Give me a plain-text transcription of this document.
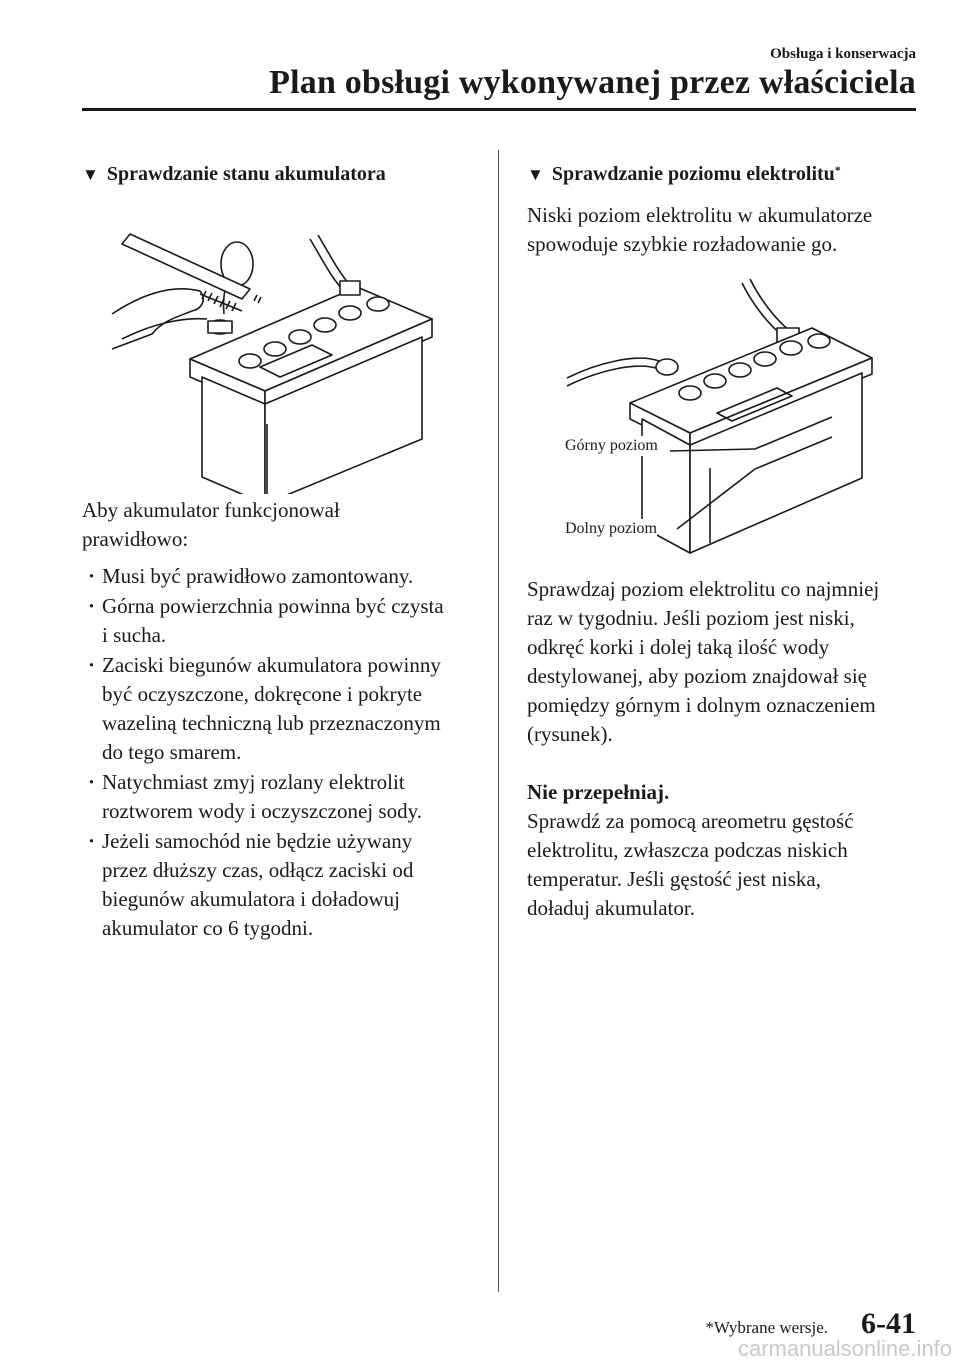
Obsługa i konserwacja
Plan obsługi wykonywanej przez właściciela
▼ Sprawdzanie stanu akumulatora

Aby akumulator funkcjonował

prawidłowo:

· Musi być prawidłowo zamontowany.
· Górna powierzchnia powinna być czysta
i sucha.
· Zaciski biegunów akumulatora powinny
być oczyszczone, dokręcone i pokryte
wazeliną techniczną lub przeznaczonym
do tego smarem.
· Natychmiast zmyj rozlany elektrolit
roztworem wody i oczyszczonej sody.
· Jeżeli samochód nie będzie używany
przez dłuższy czas, odłącz zaciski od
biegunów akumulatora i doładowuj
akumulator co 6 tygodni.
▼ Sprawdzanie poziomu elektrolitu*

Niski poziom elektrolitu w akumulatorze

spowoduje szybkie rozładowanie go.

Górny poziom
Dolny poziom

Sprawdzaj poziom elektrolitu co najmniej

raz w tygodniu. Jeśli poziom jest niski,

odkręć korki i dolej taką ilość wody

destylowanej, aby poziom znajdował się

pomiędzy górnym i dolnym oznaczeniem

(rysunek).

Nie przepełniaj.

Sprawdź za pomocą areometru gęstość

elektrolitu, zwłaszcza podczas niskich

temperatur. Jeśli gęstość jest niska,

doładuj akumulator.

*Wybrane wersje. 6-41
carmanualsonline.info
